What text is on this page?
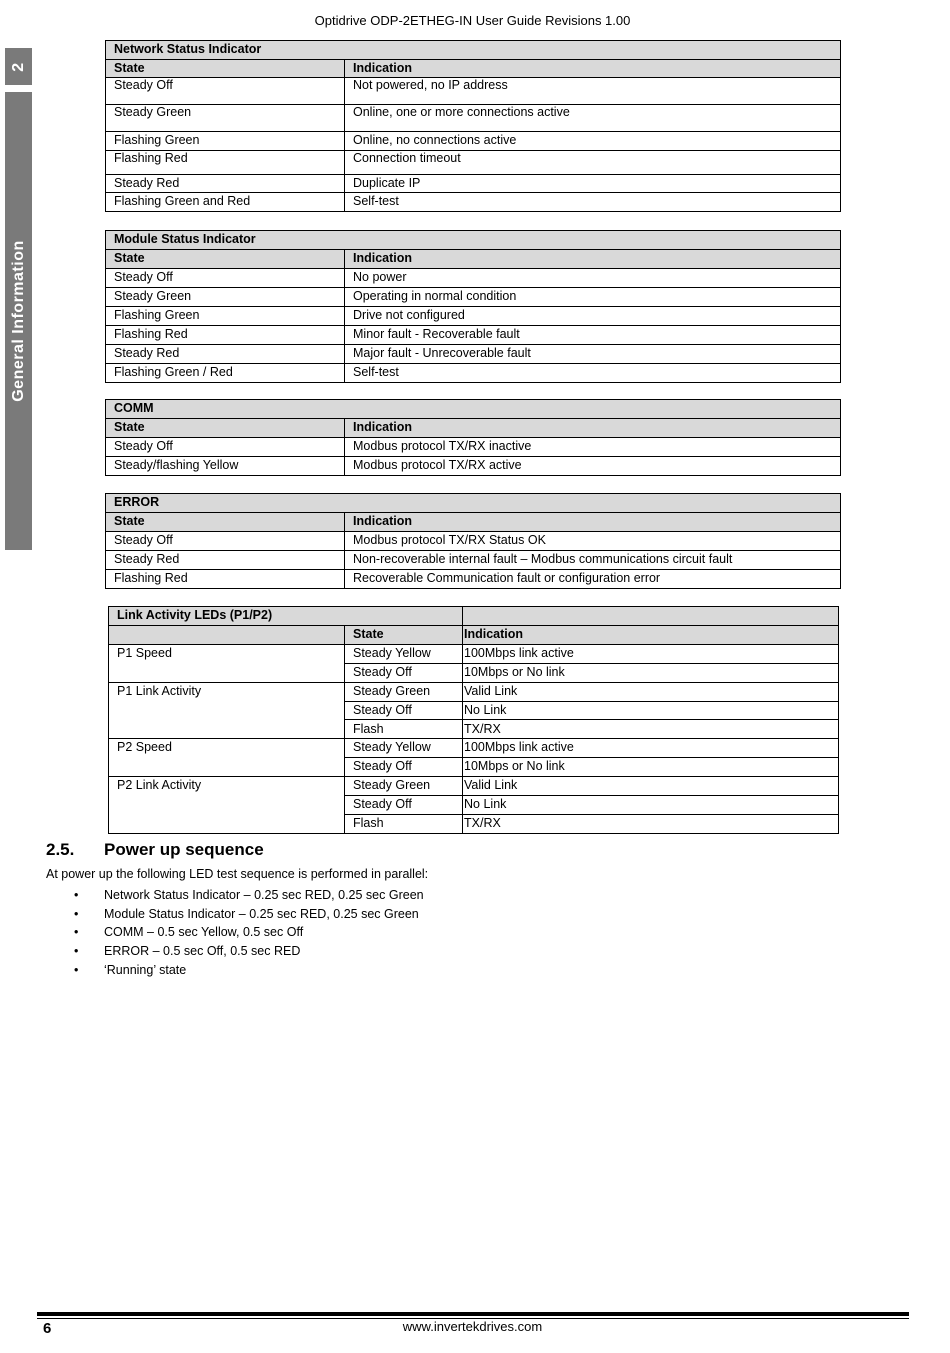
Optidrive ODP-2ETHEG-IN User Guide Revisions 1.00
2
General Information
Network Status Indicator	
State	Indication
Steady Off	Not powered, no IP address
Steady Green	Online, one or more connections active
Flashing Green	Online, no connections active
Flashing Red	Connection timeout
Steady Red	Duplicate IP
Flashing Green and Red	Self-test
Module Status Indicator	
State	Indication
Steady Off	No power
Steady Green	Operating in normal condition
Flashing Green	Drive not configured
Flashing Red	Minor fault - Recoverable fault
Steady Red	Major fault - Unrecoverable fault
Flashing Green / Red	Self-test
COMM	
State	Indication
Steady Off	Modbus protocol TX/RX inactive
Steady/flashing Yellow	Modbus protocol TX/RX active
ERROR	
State	Indication
Steady Off	Modbus protocol TX/RX Status OK
Steady Red	Non-recoverable internal fault – Modbus communications circuit fault
Flashing Red	Recoverable Communication fault or configuration error
Link Activity LEDs (P1/P2)		
	State	Indication
P1 Speed	Steady Yellow	100Mbps link active
	Steady Off	10Mbps or No link
P1 Link Activity	Steady Green	Valid Link
	Steady Off	No Link
	Flash	TX/RX
P2 Speed	Steady Yellow	100Mbps link active
	Steady Off	10Mbps or No link
P2 Link Activity	Steady Green	Valid Link
	Steady Off	No Link
	Flash	TX/RX
2.5. Power up sequence
At power up the following LED test sequence is performed in parallel:
• Network Status Indicator – 0.25 sec RED, 0.25 sec Green
• Module Status Indicator – 0.25 sec RED, 0.25 sec Green
• COMM – 0.5 sec Yellow, 0.5 sec Off
• ERROR – 0.5 sec Off, 0.5 sec RED
• ‘Running’ state
6	www.invertekdrives.com
